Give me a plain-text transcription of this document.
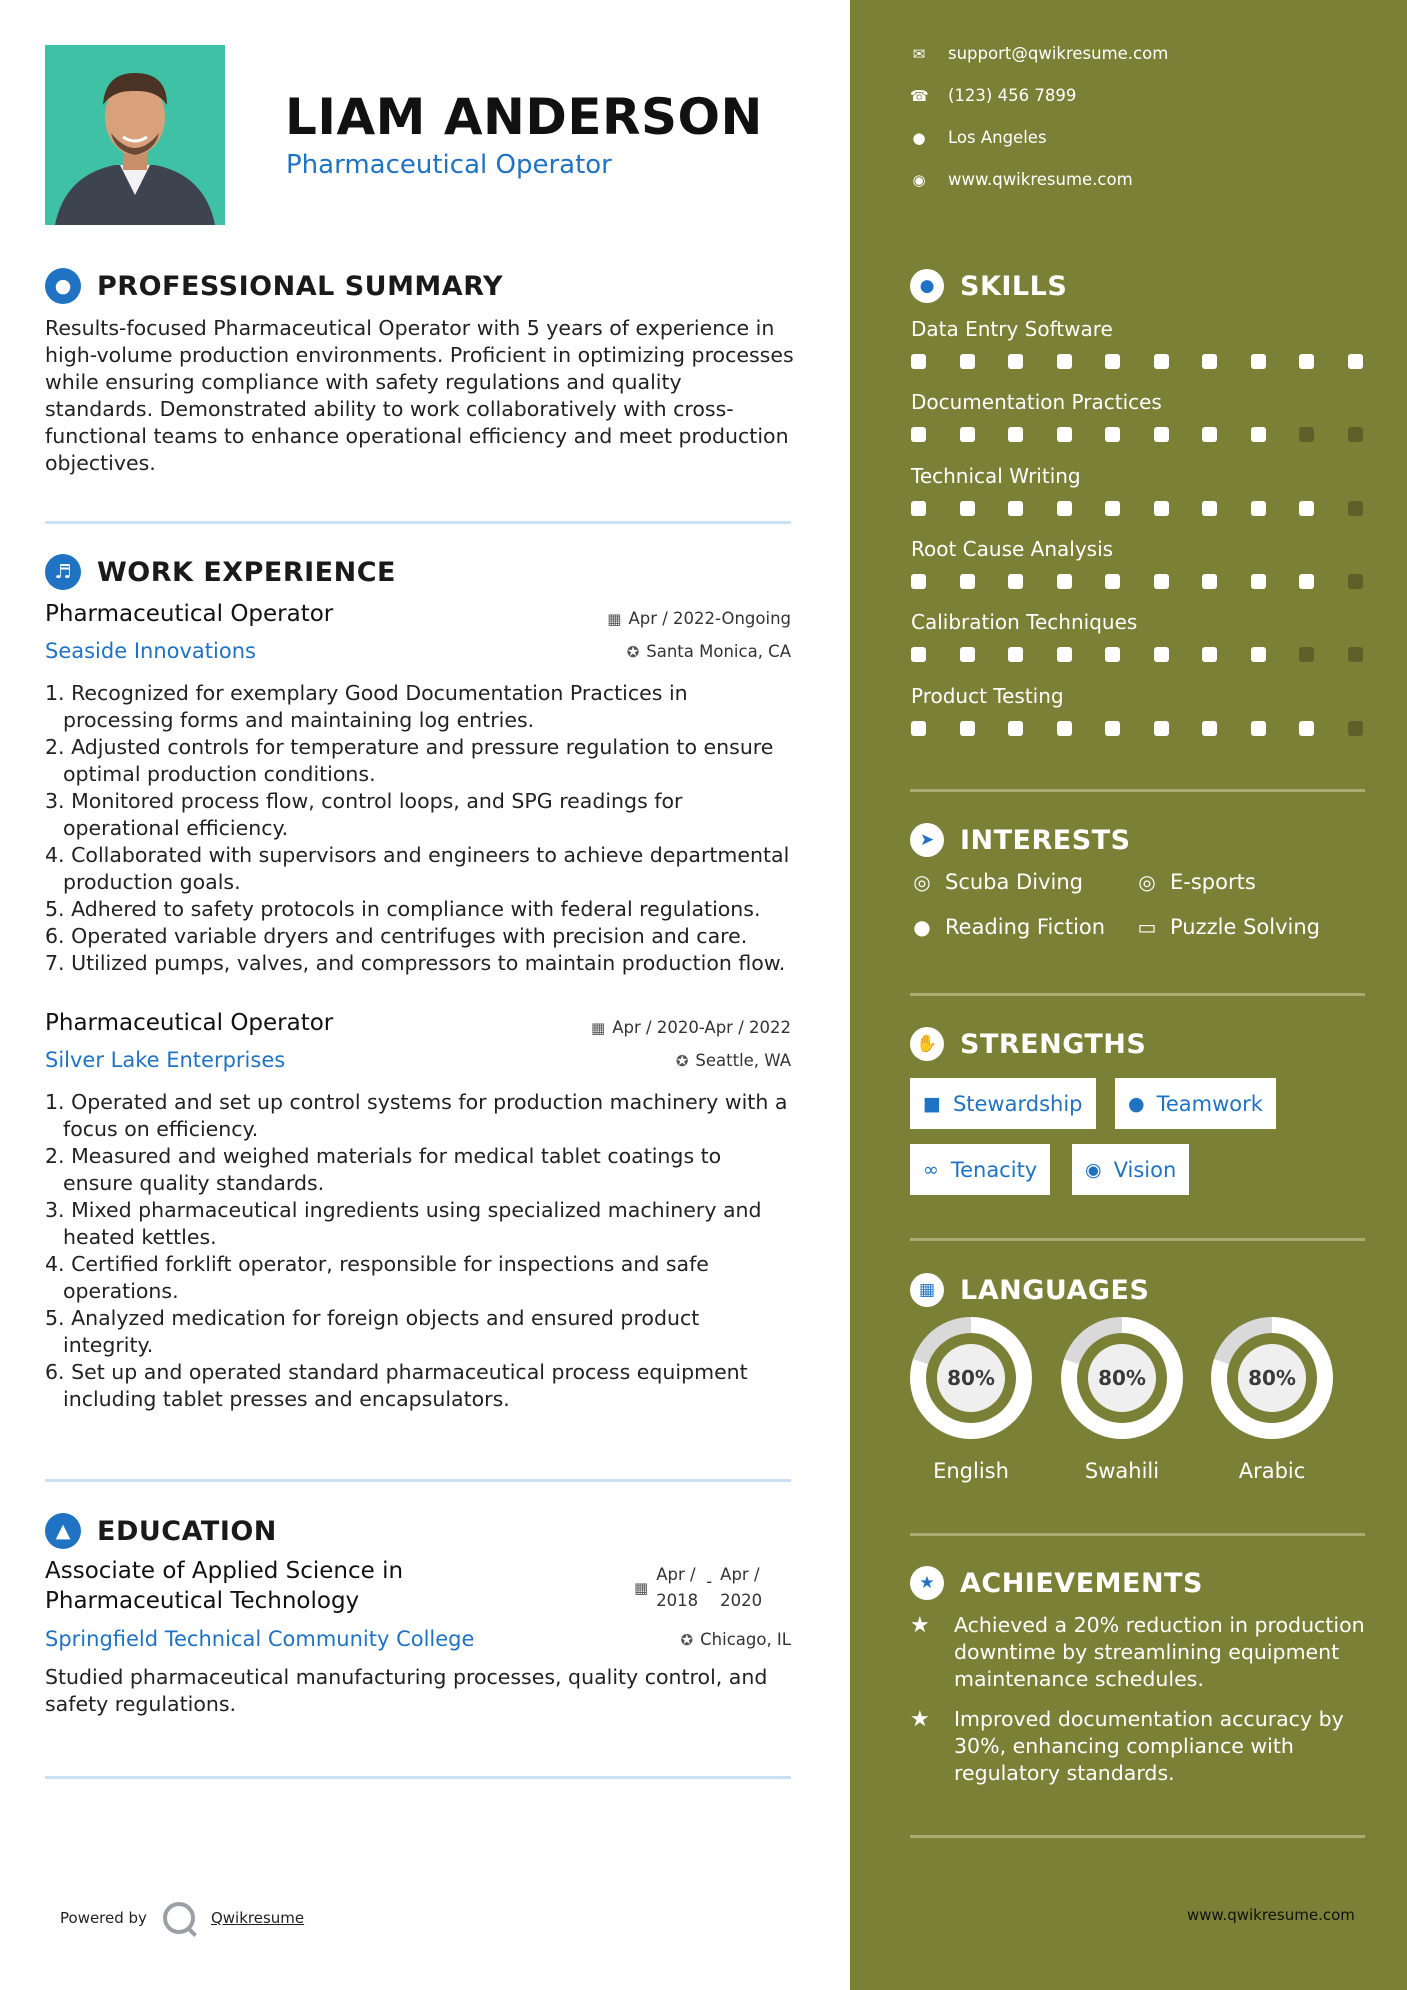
LIAM ANDERSON
Pharmaceutical Operator
● PROFESSIONAL SUMMARY
Results-focused Pharmaceutical Operator with 5 years of experience in high-volume production environments. Proficient in optimizing processes while ensuring compliance with safety regulations and quality standards. Demonstrated ability to work collaboratively with cross-functional teams to enhance operational efficiency and meet production objectives.
♬ WORK EXPERIENCE
Pharmaceutical Operator	▦ Apr / 2022-Ongoing
Seaside Innovations	✪ Santa Monica, CA
Recognized for exemplary Good Documentation Practices in processing forms and maintaining log entries.
Adjusted controls for temperature and pressure regulation to ensure optimal production conditions.
Monitored process flow, control loops, and SPG readings for operational efficiency.
Collaborated with supervisors and engineers to achieve departmental production goals.
Adhered to safety protocols in compliance with federal regulations.
Operated variable dryers and centrifuges with precision and care.
Utilized pumps, valves, and compressors to maintain production flow.
Pharmaceutical Operator	▦ Apr / 2020-Apr / 2022
Silver Lake Enterprises	✪ Seattle, WA
Operated and set up control systems for production machinery with a focus on efficiency.
Measured and weighed materials for medical tablet coatings to ensure quality standards.
Mixed pharmaceutical ingredients using specialized machinery and heated kettles.
Certified forklift operator, responsible for inspections and safe operations.
Analyzed medication for foreign objects and ensured product integrity.
Set up and operated standard pharmaceutical process equipment including tablet presses and encapsulators.
▲ EDUCATION
Associate of Applied Science in
Pharmaceutical Technology	▦
Apr /
2018
- Apr /
2020
Springfield Technical Community College	✪ Chicago, IL
Studied pharmaceutical manufacturing processes, quality control, and safety regulations.
Powered by	Qwikresume
✉ support@qwikresume.com
☎ (123) 456 7899
● Los Angeles
◉ www.qwikresume.com
● SKILLS
Data Entry Software
Documentation Practices
Technical Writing
Root Cause Analysis
Calibration Techniques
Product Testing
➤ INTERESTS
◎ Scuba Diving	◎ E-sports
● Reading Fiction ▭ Puzzle Solving
✋ STRENGTHS
■ Stewardship ● Teamwork
∞ Tenacity	◉ Vision
▦ LANGUAGES
80%
English
80%
Swahili
80%
Arabic
★ ACHIEVEMENTS
★	Achieved a 20% reduction in production downtime by streamlining equipment maintenance schedules.
★	Improved documentation accuracy by 30%, enhancing compliance with regulatory standards.
www.qwikresume.com
